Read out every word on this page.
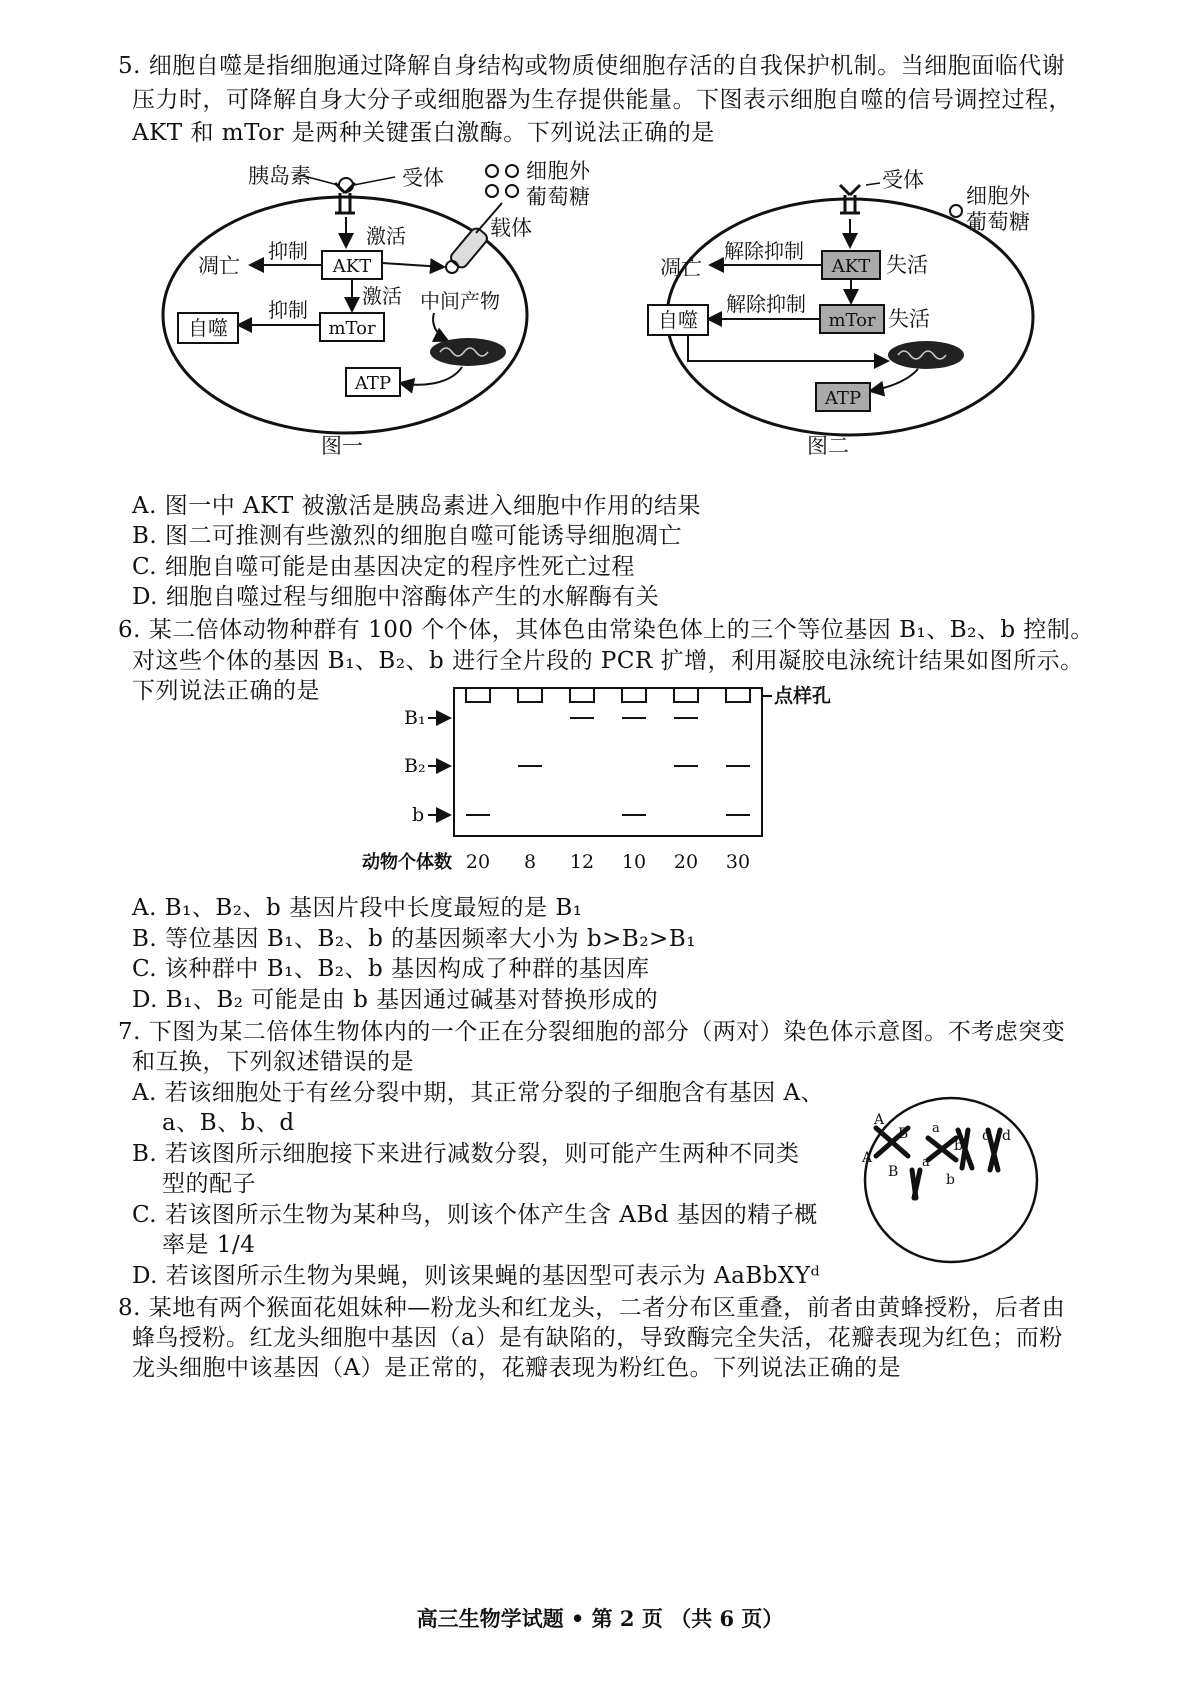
5. 细胞自噬是指细胞通过降解自身结构或物质使细胞存活的自我保护机制。当细胞面临代谢
压力时，可降解自身大分子或细胞器为生存提供能量。下图表示细胞自噬的信号调控过程，
AKT 和 mTor 是两种关键蛋白激酶。下列说法正确的是
胰岛素	受体
载体
激活
AKT
抑制
凋亡
中间产物
激活
mTor
抑制
自噬
ATP
图一
细胞外
葡萄糖
受体
AKT 失活
解除抑制
凋亡
mTor 失活
解除抑制
自噬
ATP
图二
细胞外
葡萄糖
A. 图一中 AKT 被激活是胰岛素进入细胞中作用的结果
B. 图二可推测有些激烈的细胞自噬可能诱导细胞凋亡
C. 细胞自噬可能是由基因决定的程序性死亡过程
D. 细胞自噬过程与细胞中溶酶体产生的水解酶有关
6. 某二倍体动物种群有 100 个个体，其体色由常染色体上的三个等位基因 B₁、B₂、b 控制。
对这些个体的基因 B₁、B₂、b 进行全片段的 PCR 扩增，利用凝胶电泳统计结果如图所示。
下列说法正确的是	点样孔
B₁
B₂
b
动物个体数 20 8 12 10 20 30
A. B₁、B₂、b 基因片段中长度最短的是 B₁
B. 等位基因 B₁、B₂、b 的基因频率大小为 b>B₂>B₁
C. 该种群中 B₁、B₂、b 基因构成了种群的基因库
D. B₁、B₂ 可能是由 b 基因通过碱基对替换形成的
7. 下图为某二倍体生物体内的一个正在分裂细胞的部分（两对）染色体示意图。不考虑突变
和互换，下列叙述错误的是
A. 若该细胞处于有丝分裂中期，其正常分裂的子细胞含有基因 A、
a、B、b、d
B. 若该图所示细胞接下来进行减数分裂，则可能产生两种不同类
型的配子
C. 若该图所示生物为某种鸟，则该个体产生含 ABd 基因的精子概
率是 1/4
D. 若该图所示生物为果蝇，则该果蝇的基因型可表示为 AaBbXYᵈ
A
B
A
B
a
a
b
b
d d
8. 某地有两个猴面花姐妹种—粉龙头和红龙头，二者分布区重叠，前者由黄蜂授粉，后者由
蜂鸟授粉。红龙头细胞中基因（a）是有缺陷的，导致酶完全失活，花瓣表现为红色；而粉
龙头细胞中该基因（A）是正常的，花瓣表现为粉红色。下列说法正确的是
高三生物学试题 • 第 2 页 （共 6 页）
